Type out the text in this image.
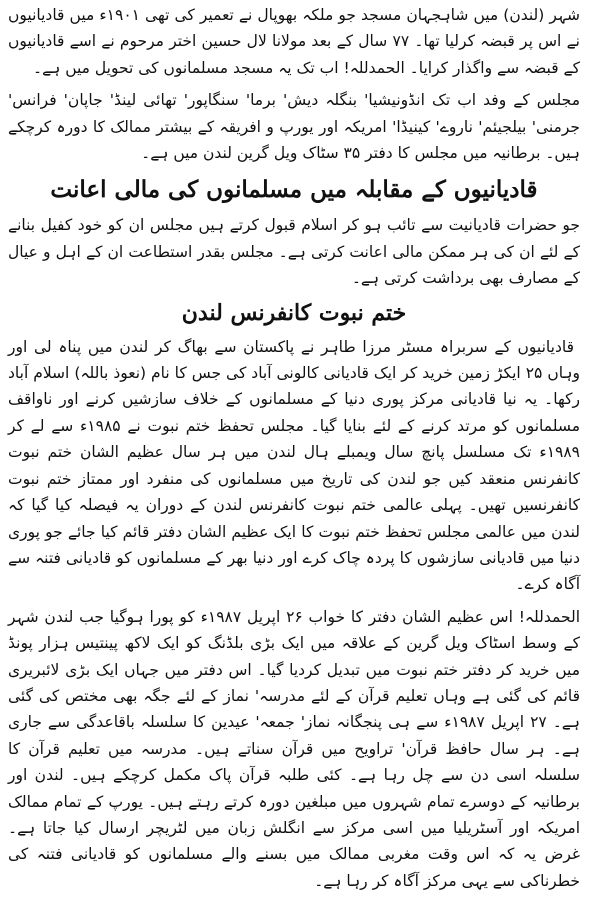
شہر (لندن) میں شاہجہان مسجد جو ملکہ بھوپال نے تعمیر کی تھی ۱۹۰۱ء میں قادیانیوں نے اس پر قبضہ کرلیا تھا۔ ۷۷ سال کے بعد مولانا لال حسین اختر مرحوم نے اسے قادیانیوں کے قبضہ سے واگذار کرایا۔ الحمدللہ! اب تک یہ مسجد مسلمانوں کی تحویل میں ہے۔

مجلس کے وفد اب تک انڈونیشیا' بنگلہ دیش' برما' سنگاپور' تھائی لینڈ' جاپان' فرانس' جرمنی' بیلجیئم' ناروے' کینیڈا' امریکہ اور یورپ و افریقہ کے بیشتر ممالک کا دورہ کرچکے ہیں۔ برطانیہ میں مجلس کا دفتر ۳۵ سٹاک ویل گرین لندن میں ہے۔

قادیانیوں کے مقابلہ میں مسلمانوں کی مالی اعانت

جو حضرات قادیانیت سے تائب ہو کر اسلام قبول کرتے ہیں مجلس ان کو خود کفیل بنانے کے لئے ان کی ہر ممکن مالی اعانت کرتی ہے۔ مجلس بقدر استطاعت ان کے اہل و عیال کے مصارف بھی برداشت کرتی ہے۔

ختم نبوت کانفرنس لندن

قادیانیوں کے سربراہ مسٹر مرزا طاہر نے پاکستان سے بھاگ کر لندن میں پناہ لی اور وہاں ۲۵ ایکڑ زمین خرید کر ایک قادیانی کالونی آباد کی جس کا نام (نعوذ باللہ) اسلام آباد رکھا۔ یہ نیا قادیانی مرکز پوری دنیا کے مسلمانوں کے خلاف سازشیں کرنے اور ناواقف مسلمانوں کو مرتد کرنے کے لئے بنایا گیا۔ مجلس تحفظ ختم نبوت نے ۱۹۸۵ء سے لے کر ۱۹۸۹ء تک مسلسل پانچ سال ویمبلے ہال لندن میں ہر سال عظیم الشان ختم نبوت کانفرنس منعقد کیں جو لندن کی تاریخ میں مسلمانوں کی منفرد اور ممتاز ختم نبوت کانفرنسیں تھیں۔ پہلی عالمی ختم نبوت کانفرنس لندن کے دوران یہ فیصلہ کیا گیا کہ لندن میں عالمی مجلس تحفظ ختم نبوت کا ایک عظیم الشان دفتر قائم کیا جائے جو پوری دنیا میں قادیانی سازشوں کا پردہ چاک کرے اور دنیا بھر کے مسلمانوں کو قادیانی فتنہ سے آگاہ کرے۔

الحمدللہ! اس عظیم الشان دفتر کا خواب ۲۶ اپریل ۱۹۸۷ء کو پورا ہوگیا جب لندن شہر کے وسط اسٹاک ویل گرین کے علاقہ میں ایک بڑی بلڈنگ کو ایک لاکھ پینتیس ہزار پونڈ میں خرید کر دفتر ختم نبوت میں تبدیل کردیا گیا۔ اس دفتر میں جہاں ایک بڑی لائبریری قائم کی گئی ہے وہاں تعلیم قرآن کے لئے مدرسہ' نماز کے لئے جگہ بھی مختص کی گئی ہے۔ ۲۷ اپریل ۱۹۸۷ء سے ہی پنجگانہ نماز' جمعہ' عیدین کا سلسلہ باقاعدگی سے جاری ہے۔ ہر سال حافظ قرآن' تراویح میں قرآن سناتے ہیں۔ مدرسہ میں تعلیم قرآن کا سلسلہ اسی دن سے چل رہا ہے۔ کئی طلبہ قرآن پاک مکمل کرچکے ہیں۔ لندن اور برطانیہ کے دوسرے تمام شہروں میں مبلغین دورہ کرتے رہتے ہیں۔ یورپ کے تمام ممالک امریکہ اور آسٹریلیا میں اسی مرکز سے انگلش زبان میں لٹریچر ارسال کیا جاتا ہے۔ غرض یہ کہ اس وقت مغربی ممالک میں بسنے والے مسلمانوں کو قادیانی فتنہ کی خطرناکی سے یہی مرکز آگاہ کر رہا ہے۔
